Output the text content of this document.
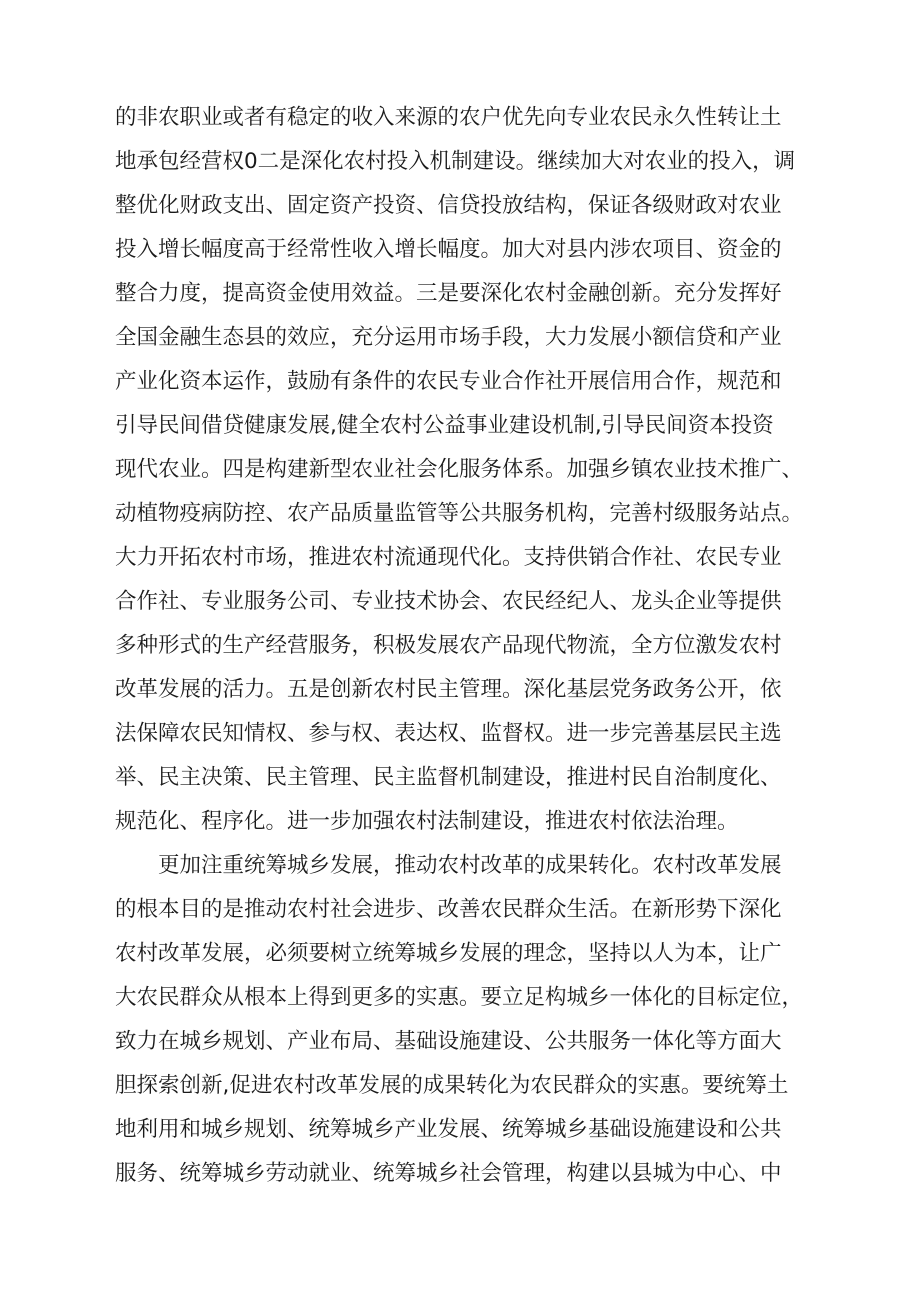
的非农职业或者有稳定的收入来源的农户优先向专业农民永久性转让土
地承包经营权0二是深化农村投入机制建设。继续加大对农业的投入，调
整优化财政支出、固定资产投资、信贷投放结构，保证各级财政对农业
投入增长幅度高于经常性收入增长幅度。加大对县内涉农项目、资金的
整合力度，提高资金使用效益。三是要深化农村金融创新。充分发挥好
全国金融生态县的效应，充分运用市场手段，大力发展小额信贷和产业
产业化资本运作，鼓励有条件的农民专业合作社开展信用合作，规范和
引导民间借贷健康发展,健全农村公益事业建设机制,引导民间资本投资
现代农业。四是构建新型农业社会化服务体系。加强乡镇农业技术推广、
动植物疫病防控、农产品质量监管等公共服务机构，完善村级服务站点。
大力开拓农村市场，推进农村流通现代化。支持供销合作社、农民专业
合作社、专业服务公司、专业技术协会、农民经纪人、龙头企业等提供
多种形式的生产经营服务，积极发展农产品现代物流，全方位激发农村
改革发展的活力。五是创新农村民主管理。深化基层党务政务公开，依
法保障农民知情权、参与权、表达权、监督权。进一步完善基层民主选
举、民主决策、民主管理、民主监督机制建设，推进村民自治制度化、
规范化、程序化。进一步加强农村法制建设，推进农村依法治理。
更加注重统筹城乡发展，推动农村改革的成果转化。农村改革发展
的根本目的是推动农村社会进步、改善农民群众生活。在新形势下深化
农村改革发展，必须要树立统筹城乡发展的理念，坚持以人为本，让广
大农民群众从根本上得到更多的实惠。要立足构城乡一体化的目标定位，
致力在城乡规划、产业布局、基础设施建设、公共服务一体化等方面大
胆探索创新,促进农村改革发展的成果转化为农民群众的实惠。要统筹土
地利用和城乡规划、统筹城乡产业发展、统筹城乡基础设施建设和公共
服务、统筹城乡劳动就业、统筹城乡社会管理，构建以县城为中心、中
